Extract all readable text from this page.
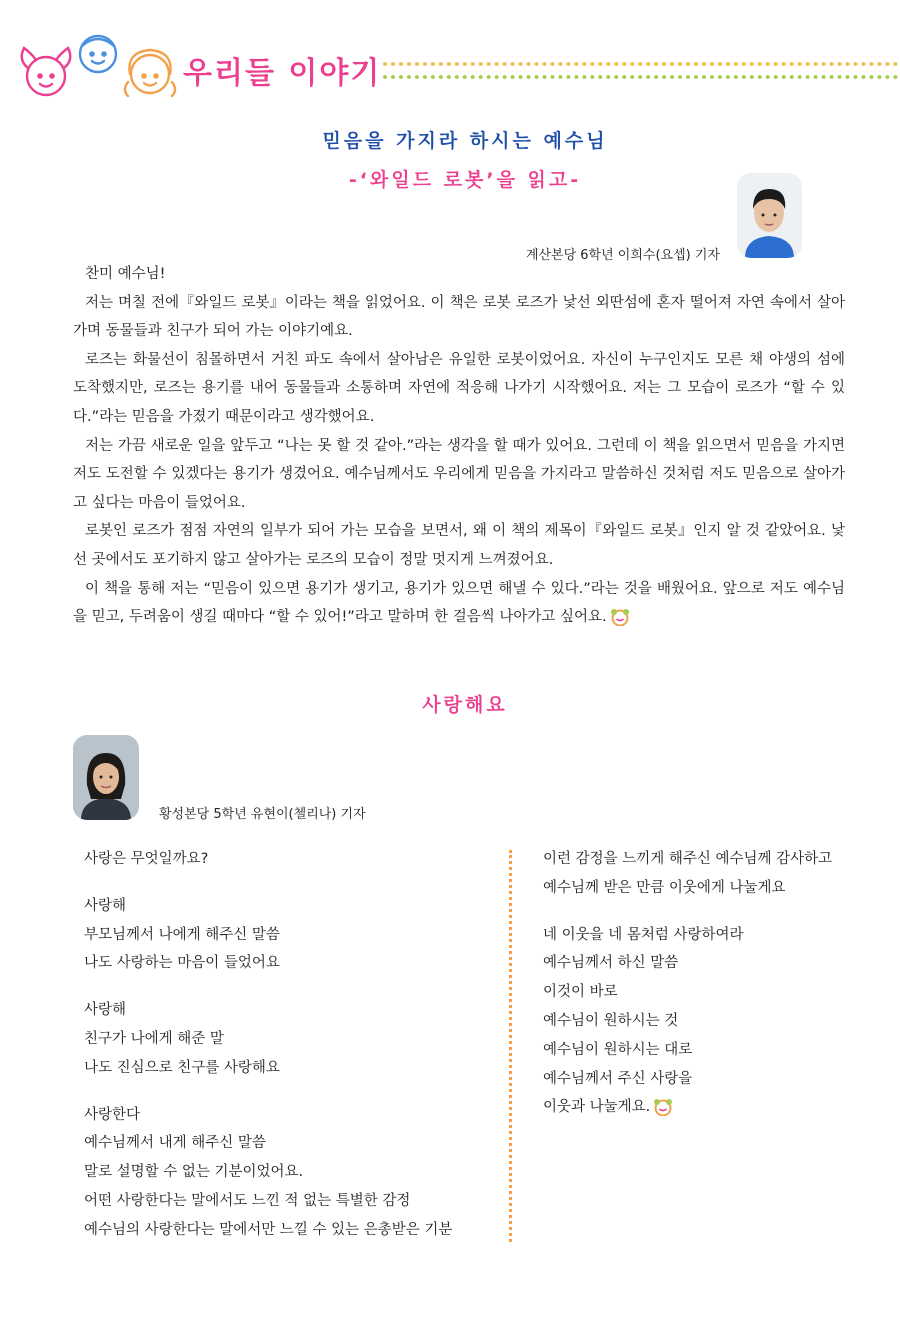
우리들 이야기
믿음을 가지라 하시는 예수님
-‘와일드 로봇’을 읽고-
계산본당 6학년 이희수(요셉) 기자

찬미 예수님!

저는 며칠 전에『와일드 로봇』이라는 책을 읽었어요. 이 책은 로봇 로즈가 낯선 외딴섬에 혼자 떨어져 자연 속에서 살아가며 동물들과 친구가 되어 가는 이야기예요.

로즈는 화물선이 침몰하면서 거친 파도 속에서 살아남은 유일한 로봇이었어요. 자신이 누구인지도 모른 채 야생의 섬에 도착했지만, 로즈는 용기를 내어 동물들과 소통하며 자연에 적응해 나가기 시작했어요. 저는 그 모습이 로즈가 “할 수 있다.”라는 믿음을 가졌기 때문이라고 생각했어요.

저는 가끔 새로운 일을 앞두고 “나는 못 할 것 같아.”라는 생각을 할 때가 있어요. 그런데 이 책을 읽으면서 믿음을 가지면 저도 도전할 수 있겠다는 용기가 생겼어요. 예수님께서도 우리에게 믿음을 가지라고 말씀하신 것처럼 저도 믿음으로 살아가고 싶다는 마음이 들었어요.

로봇인 로즈가 점점 자연의 일부가 되어 가는 모습을 보면서, 왜 이 책의 제목이『와일드 로봇』인지 알 것 같았어요. 낯선 곳에서도 포기하지 않고 살아가는 로즈의 모습이 정말 멋지게 느껴졌어요.

이 책을 통해 저는 “믿음이 있으면 용기가 생기고, 용기가 있으면 해낼 수 있다.”라는 것을 배웠어요. 앞으로 저도 예수님을 믿고, 두려움이 생길 때마다 “할 수 있어!”라고 말하며 한 걸음씩 나아가고 싶어요.

사랑해요
황성본당 5학년 유현이(첼리나) 기자
사랑은 무엇일까요?
사랑해
부모님께서 나에게 해주신 말씀
나도 사랑하는 마음이 들었어요
사랑해
친구가 나에게 해준 말
나도 진심으로 친구를 사랑해요
사랑한다
예수님께서 내게 해주신 말씀
말로 설명할 수 없는 기분이었어요.
어떤 사랑한다는 말에서도 느낀 적 없는 특별한 감정
예수님의 사랑한다는 말에서만 느낄 수 있는 은총받은 기분
이런 감정을 느끼게 해주신 예수님께 감사하고
예수님께 받은 만큼 이웃에게 나눌게요
네 이웃을 네 몸처럼 사랑하여라
예수님께서 하신 말씀
이것이 바로
예수님이 원하시는 것
예수님이 원하시는 대로
예수님께서 주신 사랑을
이웃과 나눌게요.
